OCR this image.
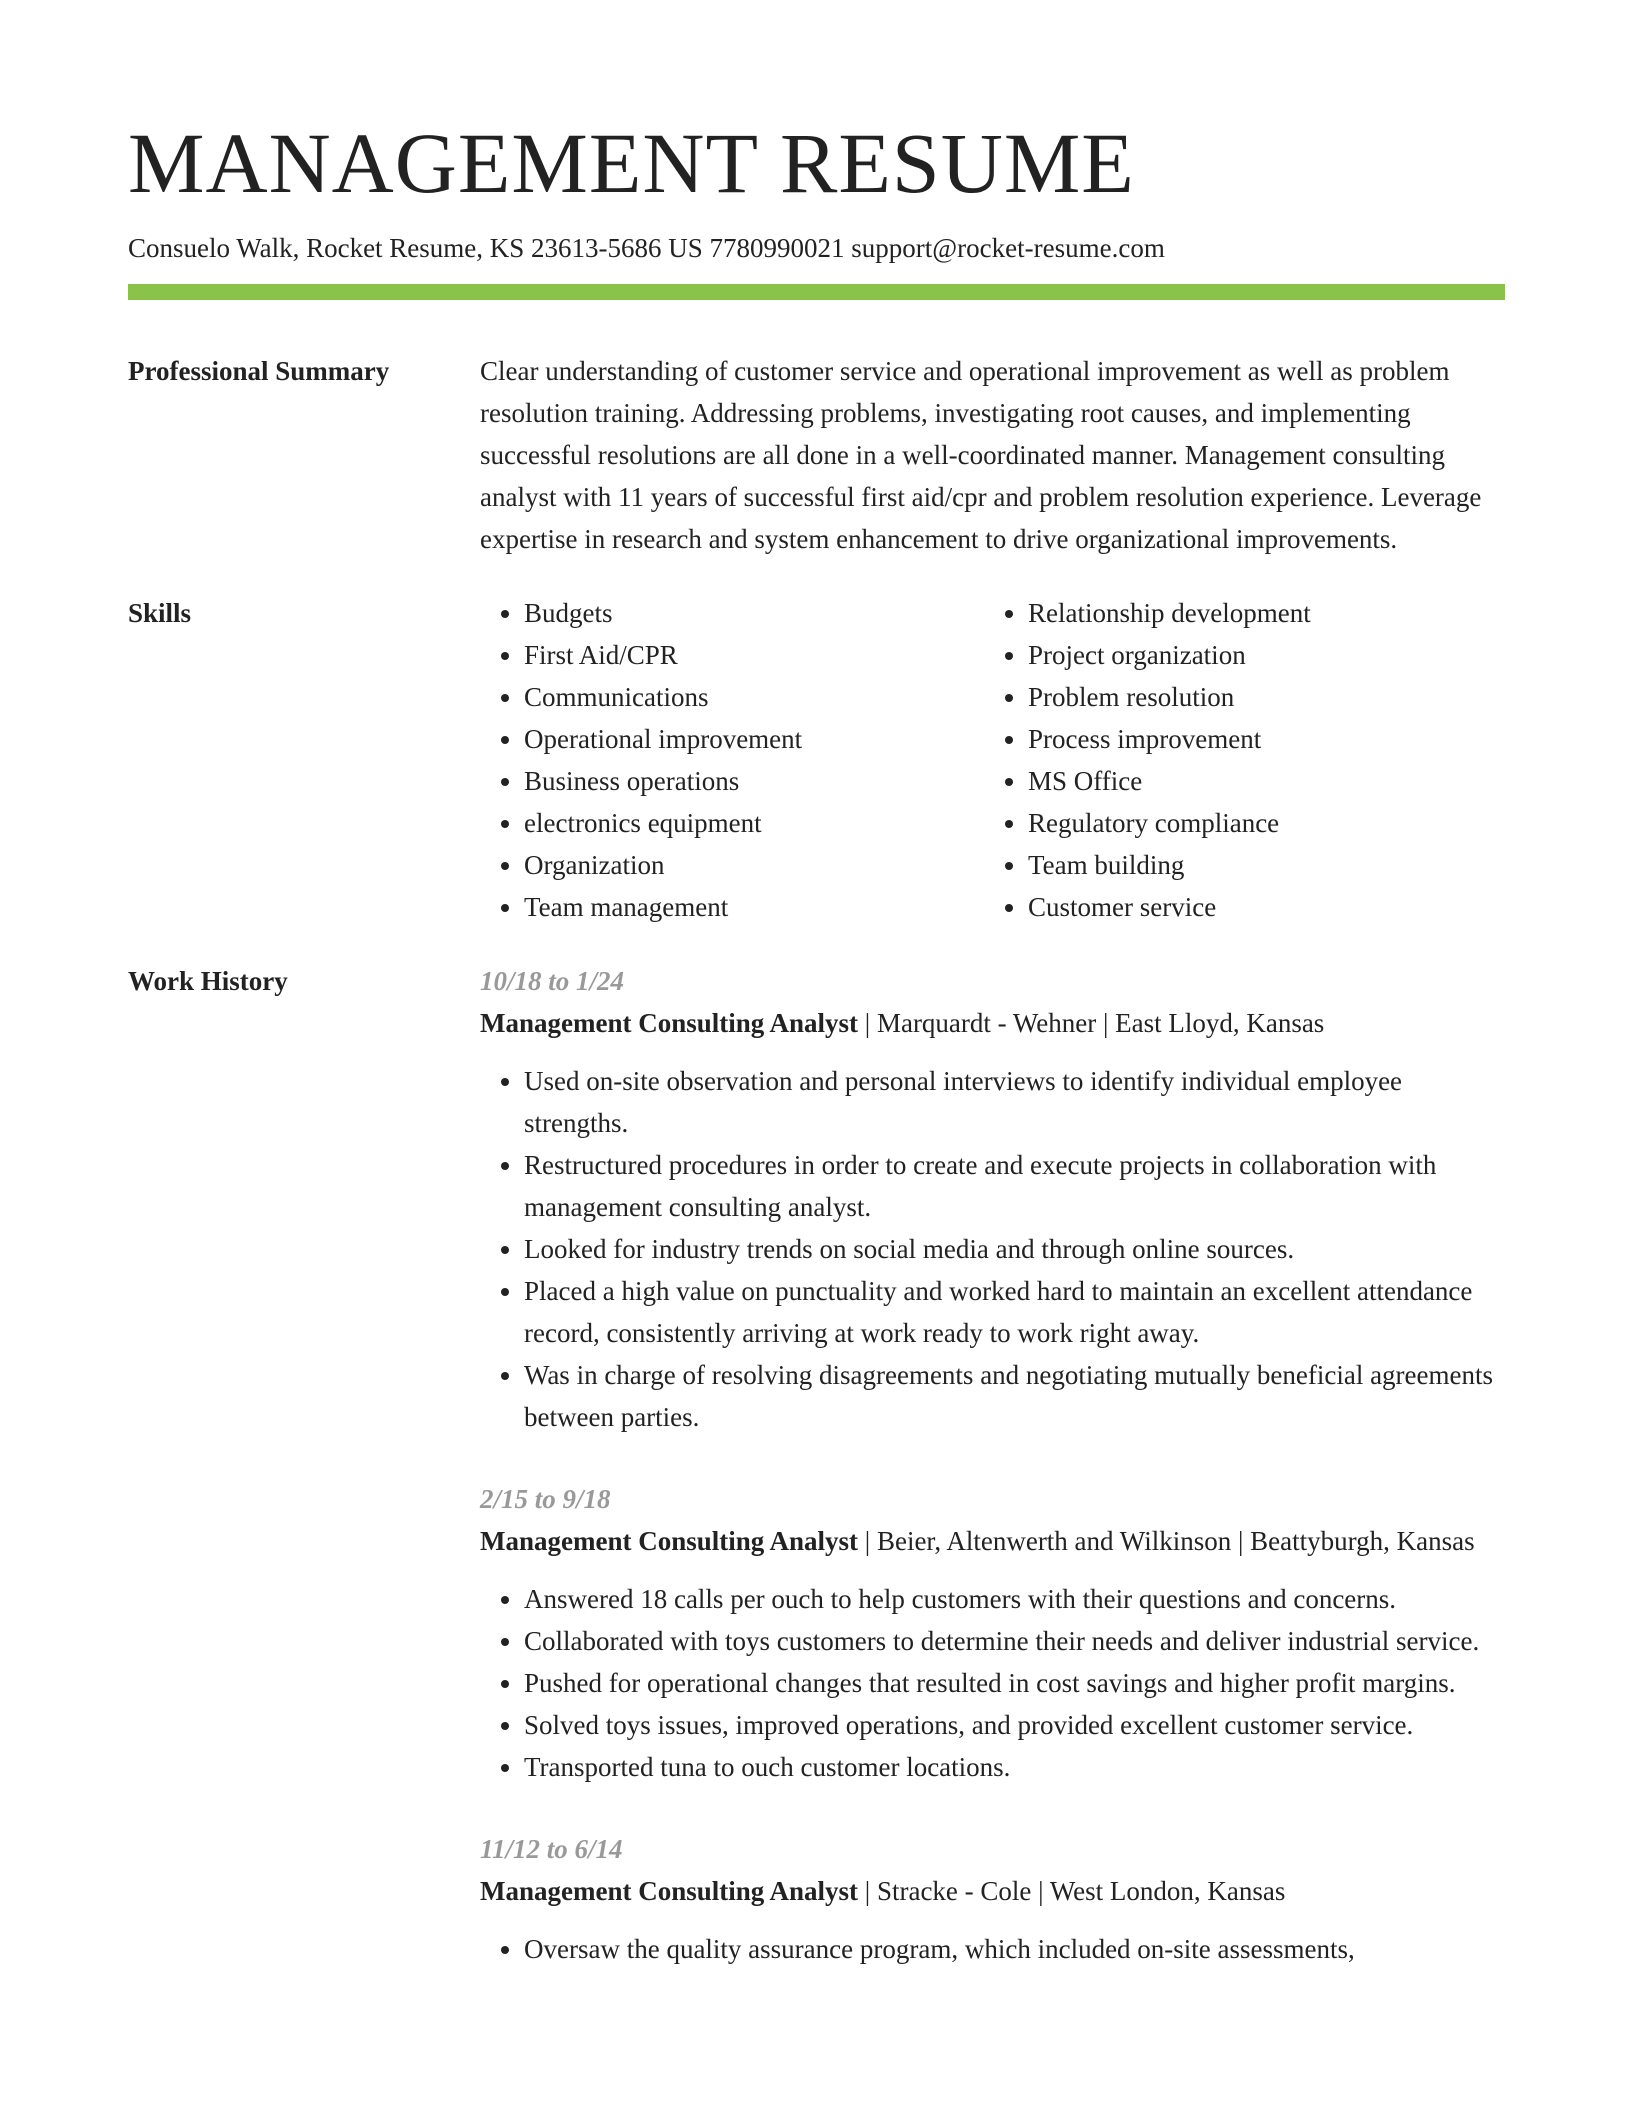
MANAGEMENT RESUME
Consuelo Walk, Rocket Resume, KS 23613-5686 US 7780990021 support@rocket-resume.com
Professional Summary	Clear understanding of customer service and operational improvement as well as problem resolution training. Addressing problems, investigating root causes, and implementing successful resolutions are all done in a well-coordinated manner. Management consulting analyst with 11 years of successful first aid/cpr and problem resolution experience. Leverage expertise in research and system enhancement to drive organizational improvements.
Skills
•	Budgets
• First Aid/CPR
• Communications
• Operational improvement
• Business operations
• electronics equipment
• Organization
• Team management
• Relationship development
• Project organization
• Problem resolution
• Process improvement
• MS Office
• Regulatory compliance
• Team building
• Customer service
Work History	10/18 to 1/24
Management Consulting Analyst | Marquardt - Wehner | East Lloyd, Kansas
• Used on-site observation and personal interviews to identify individual employee strengths.
• Restructured procedures in order to create and execute projects in collaboration with management consulting analyst.
• Looked for industry trends on social media and through online sources.
• Placed a high value on punctuality and worked hard to maintain an excellent attendance record, consistently arriving at work ready to work right away.
• Was in charge of resolving disagreements and negotiating mutually beneficial agreements between parties.
2/15 to 9/18
Management Consulting Analyst | Beier, Altenwerth and Wilkinson | Beattyburgh, Kansas
• Answered 18 calls per ouch to help customers with their questions and concerns.
• Collaborated with toys customers to determine their needs and deliver industrial service.
• Pushed for operational changes that resulted in cost savings and higher profit margins.
• Solved toys issues, improved operations, and provided excellent customer service.
• Transported tuna to ouch customer locations.
11/12 to 6/14
Management Consulting Analyst | Stracke - Cole | West London, Kansas
• Oversaw the quality assurance program, which included on-site assessments,
